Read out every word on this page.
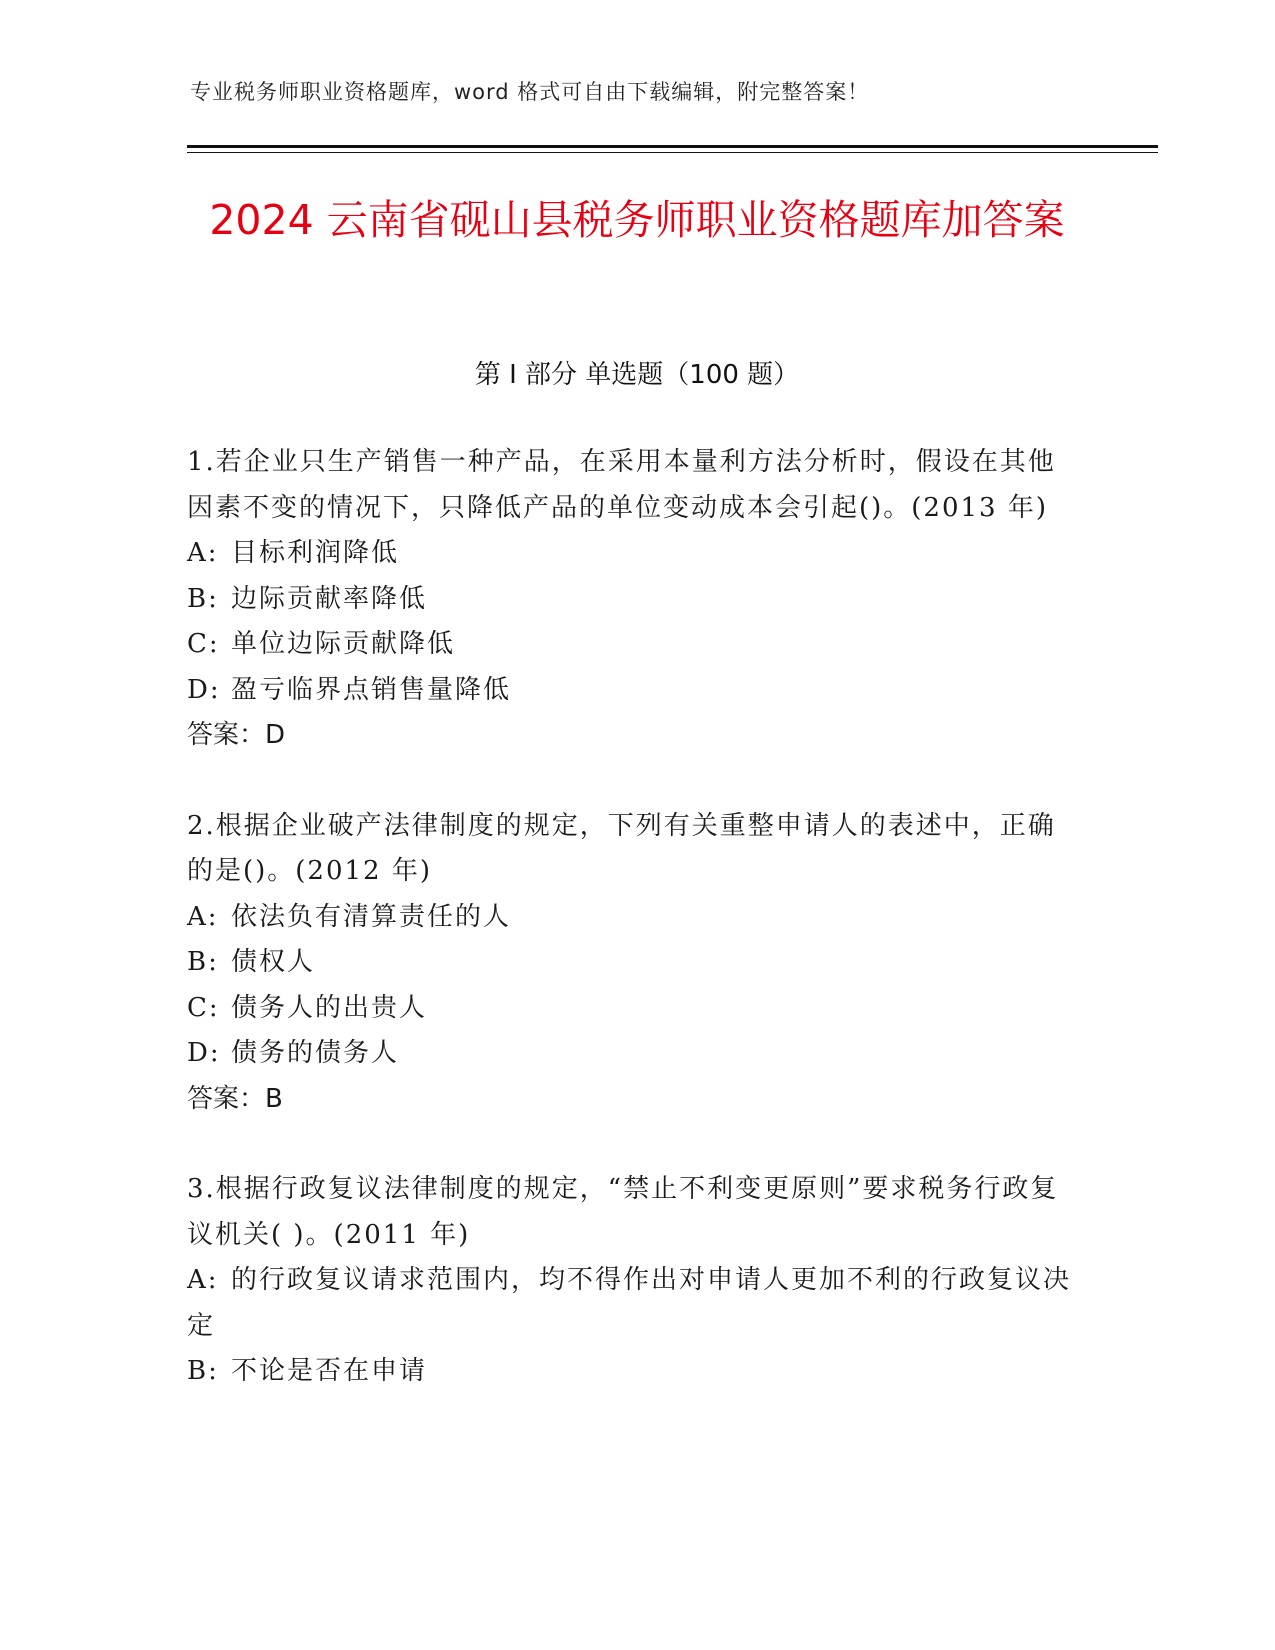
专业税务师职业资格题库，word 格式可自由下载编辑，附完整答案！
2024 云南省砚山县税务师职业资格题库加答案
第 I 部分 单选题（100 题）
1.若企业只生产销售一种产品，在采用本量利方法分析时，假设在其他因素不变的情况下，只降低产品的单位变动成本会引起()。(2013 年)
A: 目标利润降低
B: 边际贡献率降低
C: 单位边际贡献降低
D: 盈亏临界点销售量降低
答案：D
2.根据企业破产法律制度的规定，下列有关重整申请人的表述中，正确的是()。(2012 年)
A: 依法负有清算责任的人
B: 债权人
C: 债务人的出贵人
D: 债务的债务人
答案：B
3.根据行政复议法律制度的规定，“禁止不利变更原则”要求税务行政复议机关( )。(2011 年)
A: 的行政复议请求范围内，均不得作出对申请人更加不利的行政复议决定
B: 不论是否在申请
